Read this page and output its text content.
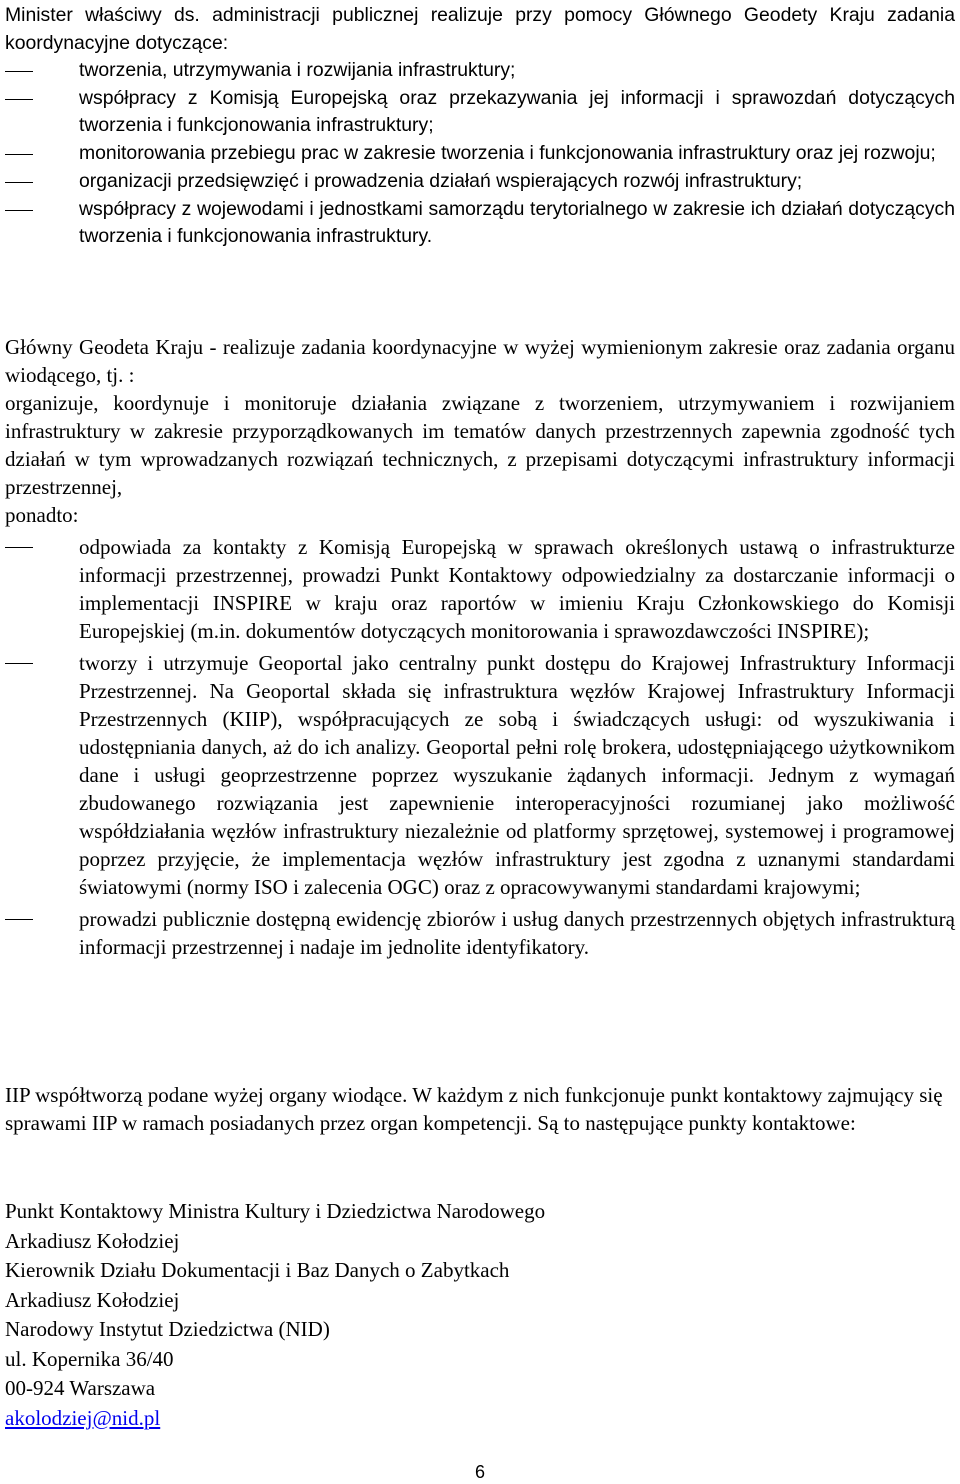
Minister właściwy ds. administracji publicznej realizuje przy pomocy Głównego Geodety Kraju zadania koordynacyjne dotyczące:

tworzenia, utrzymywania i rozwijania infrastruktury;
współpracy z Komisją Europejską oraz przekazywania jej informacji i sprawozdań dotyczących tworzenia i funkcjonowania infrastruktury;
monitorowania przebiegu prac w zakresie tworzenia i funkcjonowania infrastruktury oraz jej rozwoju;
organizacji przedsięwzięć i prowadzenia działań wspierających rozwój infrastruktury;
współpracy z wojewodami i jednostkami samorządu terytorialnego w zakresie ich działań dotyczących tworzenia i funkcjonowania infrastruktury.

Główny Geodeta Kraju - realizuje zadania koordynacyjne w wyżej wymienionym zakresie oraz zadania organu wiodącego, tj. :

organizuje, koordynuje i monitoruje działania związane z tworzeniem, utrzymywaniem i rozwijaniem infrastruktury w zakresie przyporządkowanych im tematów danych przestrzennych zapewnia zgodność tych działań w tym wprowadzanych rozwiązań technicznych, z przepisami dotyczącymi infrastruktury informacji przestrzennej,

ponadto:

odpowiada za kontakty z Komisją Europejską w sprawach określonych ustawą o infrastrukturze informacji przestrzennej, prowadzi Punkt Kontaktowy odpowiedzialny za dostarczanie informacji o implementacji INSPIRE w kraju oraz raportów w imieniu Kraju Członkowskiego do Komisji Europejskiej (m.in. dokumentów dotyczących monitorowania i sprawozdawczości INSPIRE);
tworzy i utrzymuje Geoportal jako centralny punkt dostępu do Krajowej Infrastruktury Informacji Przestrzennej. Na Geoportal składa się infrastruktura węzłów Krajowej Infrastruktury Informacji Przestrzennych (KIIP), współpracujących ze sobą i świadczących usługi: od wyszukiwania i udostępniania danych, aż do ich analizy. Geoportal pełni rolę brokera, udostępniającego użytkownikom dane i usługi geoprzestrzenne poprzez wyszukanie żądanych informacji. Jednym z wymagań zbudowanego rozwiązania jest zapewnienie interoperacyjności rozumianej jako możliwość współdziałania węzłów infrastruktury niezależnie od platformy sprzętowej, systemowej i programowej poprzez przyjęcie, że implementacja węzłów infrastruktury jest zgodna z uznanymi standardami światowymi (normy ISO i zalecenia OGC) oraz z opracowywanymi standardami krajowymi;
prowadzi publicznie dostępną ewidencję zbiorów i usług danych przestrzennych objętych infrastrukturą informacji przestrzennej i nadaje im jednolite identyfikatory.

IIP współtworzą podane wyżej organy wiodące. W każdym z nich funkcjonuje punkt kontaktowy zajmujący się sprawami IIP w ramach posiadanych przez organ kompetencji. Są to następujące punkty kontaktowe:

Punkt Kontaktowy Ministra Kultury i Dziedzictwa Narodowego
Arkadiusz Kołodziej
Kierownik Działu Dokumentacji i Baz Danych o Zabytkach
Arkadiusz Kołodziej
Narodowy Instytut Dziedzictwa (NID)
ul. Kopernika 36/40
00-924 Warszawa
akolodziej@nid.pl
6
